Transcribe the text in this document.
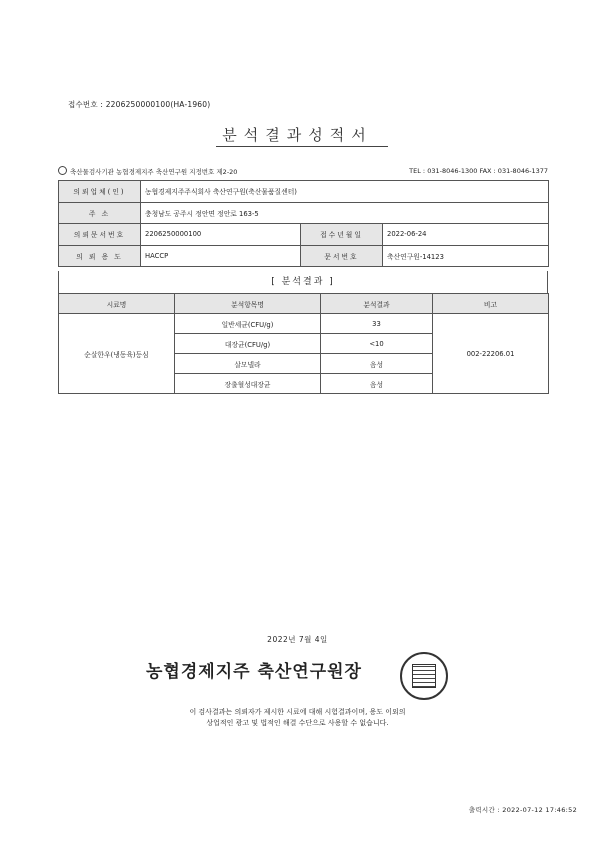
접수번호 : 2206250000100(HA-1960)
분석결과성적서
축산물검사기관 농협경제지주 축산연구원 지정번호 제2-20	TEL : 031-8046-1300 FAX : 031-8046-1377
의뢰업체(인)	농협경제지주주식회사 축산연구원(축산물품질센터)		
주 소	충청남도 공주시 정안면 정안로 163-5		
의뢰문서번호	2206250000100	접수년월일	2022-06-24
의 뢰 용 도	HACCP	문서번호	축산연구원-14123
[ 분석결과 ]
시료명	분석항목명	분석결과	비고
순살한우(냉동육)등심	일반세균(CFU/g)	33	002-22206.01
	대장균(CFU/g)	<10	
	살모넬라	음성	
	장출혈성대장균	음성	
2022년 7월 4일
농협경제지주 축산연구원장
이 검사결과는 의뢰자가 제시한 시료에 대해 시험결과이며, 용도 이외의
상업적인 광고 및 법적인 해결 수단으로 사용할 수 없습니다.
출력시간 : 2022-07-12 17:46:52
